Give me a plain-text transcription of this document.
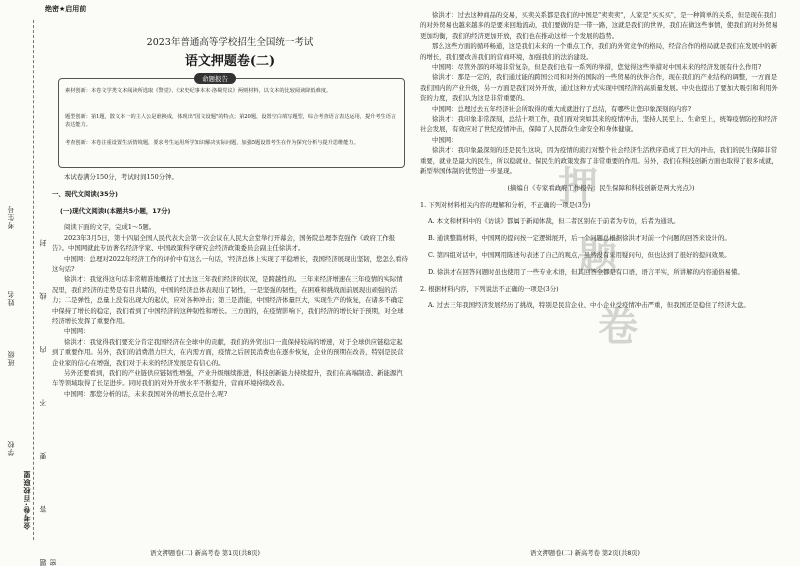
考生号
姓名
班级
学校	题 答 要 不 内 线 封 密
金考卷·百校联盟
绝密★启用前
2023年普通高等学校招生全国统一考试
语文押题卷(二)
命题报告

素材创新：本卷文学类文本阅读所选取《警觉》、《宋史纪事本末·洛蜀党议》两则材料，以文本的比较阅读降低难度。

题型创新：第1题，散文本一的主人公是谁换成，体现出"国文设题"的特点；第20题，设置空白填写题型，综合考查语言表达运用，提升考生语言表达能力。

考查创新：本卷注重设置生活情境题，要求考生运用所学知识解决实际问题，加强5题设置考生在作为探究分析与提升思维能力。

本试卷满分150分，考试时间150分钟。

一、现代文阅读(35分)

(一)现代文阅读Ⅰ(本题共5小题，17分)

阅读下面的文字，完成1～5题。

2023年3月5日，第十四届全国人民代表大会第一次会议在人民大会堂举行开幕会，国务院总理李克强作《政府工作报告》。中国网就此专访著名经济学家、中国政策科学研究会经济政策委员会副主任徐洪才。

中国网：总理对2022年经济工作的评价中有这么一句话，'经济总体上实现了平稳增长，我国经济展现出坚韧，您怎么看待这句话?

徐洪才：我觉得这句话非常精准地概括了过去这三年我们经济的状况，是跨越性的。三年来经济增速在三年疫情的实际情况里，我们经济的走势是有目共睹的，中国的经济总体表现出了韧性，一是坚强的韧性，在困难和挑战面前展现出顽强的活力；二是弹性，总量上没有出现大的起伏，应对各种冲击；第三是潜能，中国经济体量巨大，实现生产的恢复，在诸多不确定中保持了增长的稳定，我们看到了中国经济的这种韧性和增长。三方面的，在疫情影响下，我们经济的增长好于预期，对全球经济增长发挥了重要作用。

中国网：

徐洪才：我觉得我们要充分肯定我国经济在全球中的贡献，我们的外贸出口一直保持较高的增速，对于全球供应链稳定起到了重要作用。另外，我们的消费潜力巨大，在内需方面，疫情之后居民消费也在逐步恢复，企业的预期在改善，特别是民营企业家的信心在增强，我们对于未来的经济发展是有信心的。

另外还要看到，我们的产业链供应链韧性增强，产业升级继续推进，科技创新能力持续提升，我们在高端制造、新能源汽车等领域取得了长足进步。同时我们的对外开放水平不断提升，营商环境持续改善。

中国网：那您分析的话，未来我国对外的增长点是什么呢?

徐洪才：过去这种商品的交易，买卖关系都是我们的中国是"卖卖卖"，人家是"买买买"，是一种简单的关系，但是现在我们的对外贸易也越来越多的是要来回地流动，我们要做的是一带一路，这就是我们的世界，我们在做这些事情，使我们的对外贸易更加均衡，我们的经济更加开放，我们也在推动这样一个发展的趋势。

那么这些方面的循环畅通，这是我们未来的一个重点工作，我们的外贸竞争的格局，经营合作的格局就是我们在发展中的新的增长，我们要改善我们的营商环境，加强我们的法治建设。

中国网：尽管外部的环境非常复杂，但是我们也有一系列的举措，您觉得这些举措对中国未来的经济发展有什么作用?

徐洪才：那是一定的，我们通过能的跨国公司和对外的国际的一些贸易的伙伴合作，现在我们的产业结构的调整，一方面是我们国内的产业升级，另一方面是我们对外开放，通过这种方式实现中国经济的高质量发展。中央也提出了要加大吸引和利用外资的力度，我们认为这是非常重要的。

中国网：总理过去五年经济社会所取得的重大成就进行了总结，有哪些让您印象深刻的内容?

徐洪才：我印象非常深刻，总结十项工作，我们面对突如其来的疫情冲击，坚持人民至上、生命至上，统筹疫情防控和经济社会发展，有效应对了世纪疫情冲击，保障了人民群众生命安全和身体健康。

中国网：

徐洪才：我印象最深刻的还是民生这块，因为疫情的流行对整个社会经济生活秩序造成了巨大的冲击，我们的民生保障非常重要，就业是最大的民生，所以稳就业、保民生的政策发挥了非常重要的作用。另外，我们在科技创新方面也取得了很多成就，新型举国体制的优势进一步显现。

(摘编自《专家看政府工作报告：民生保障和科技创新是两大亮点》)

1. 下列对材料相关内容的理解和分析，不正确的一项是(3分)

A. 本文和材料中的《访谈》都属于新闻体裁，但二者区别在于前者为专访，后者为通讯。

B. 通读整篇材料，中国网的提问按一定逻辑展开，后一个问题总根据徐洪才对前一个问题的回答来设计的。

C. 第四组对话中，中国网用陈述句表述了自己的观点，虽然没有采用疑问句，但也达到了很好的提问效果。

D. 徐洪才在回答问题时虽也使用了一些专业术语，但其回答全都是有口语，语言平实，所讲解的内容通俗易懂。

2. 根据材料内容，下列说法不正确的一项是(3分)

A. 过去三年我国经济发展经历了挑战，特别是民营企业、中小企业受疫情冲击严重，但我国还是稳住了经济大盘。

押
题
卷
语文押题卷(二) 新高考卷 第1页(共8页)	语文押题卷(二) 新高考卷 第2页(共8页)
